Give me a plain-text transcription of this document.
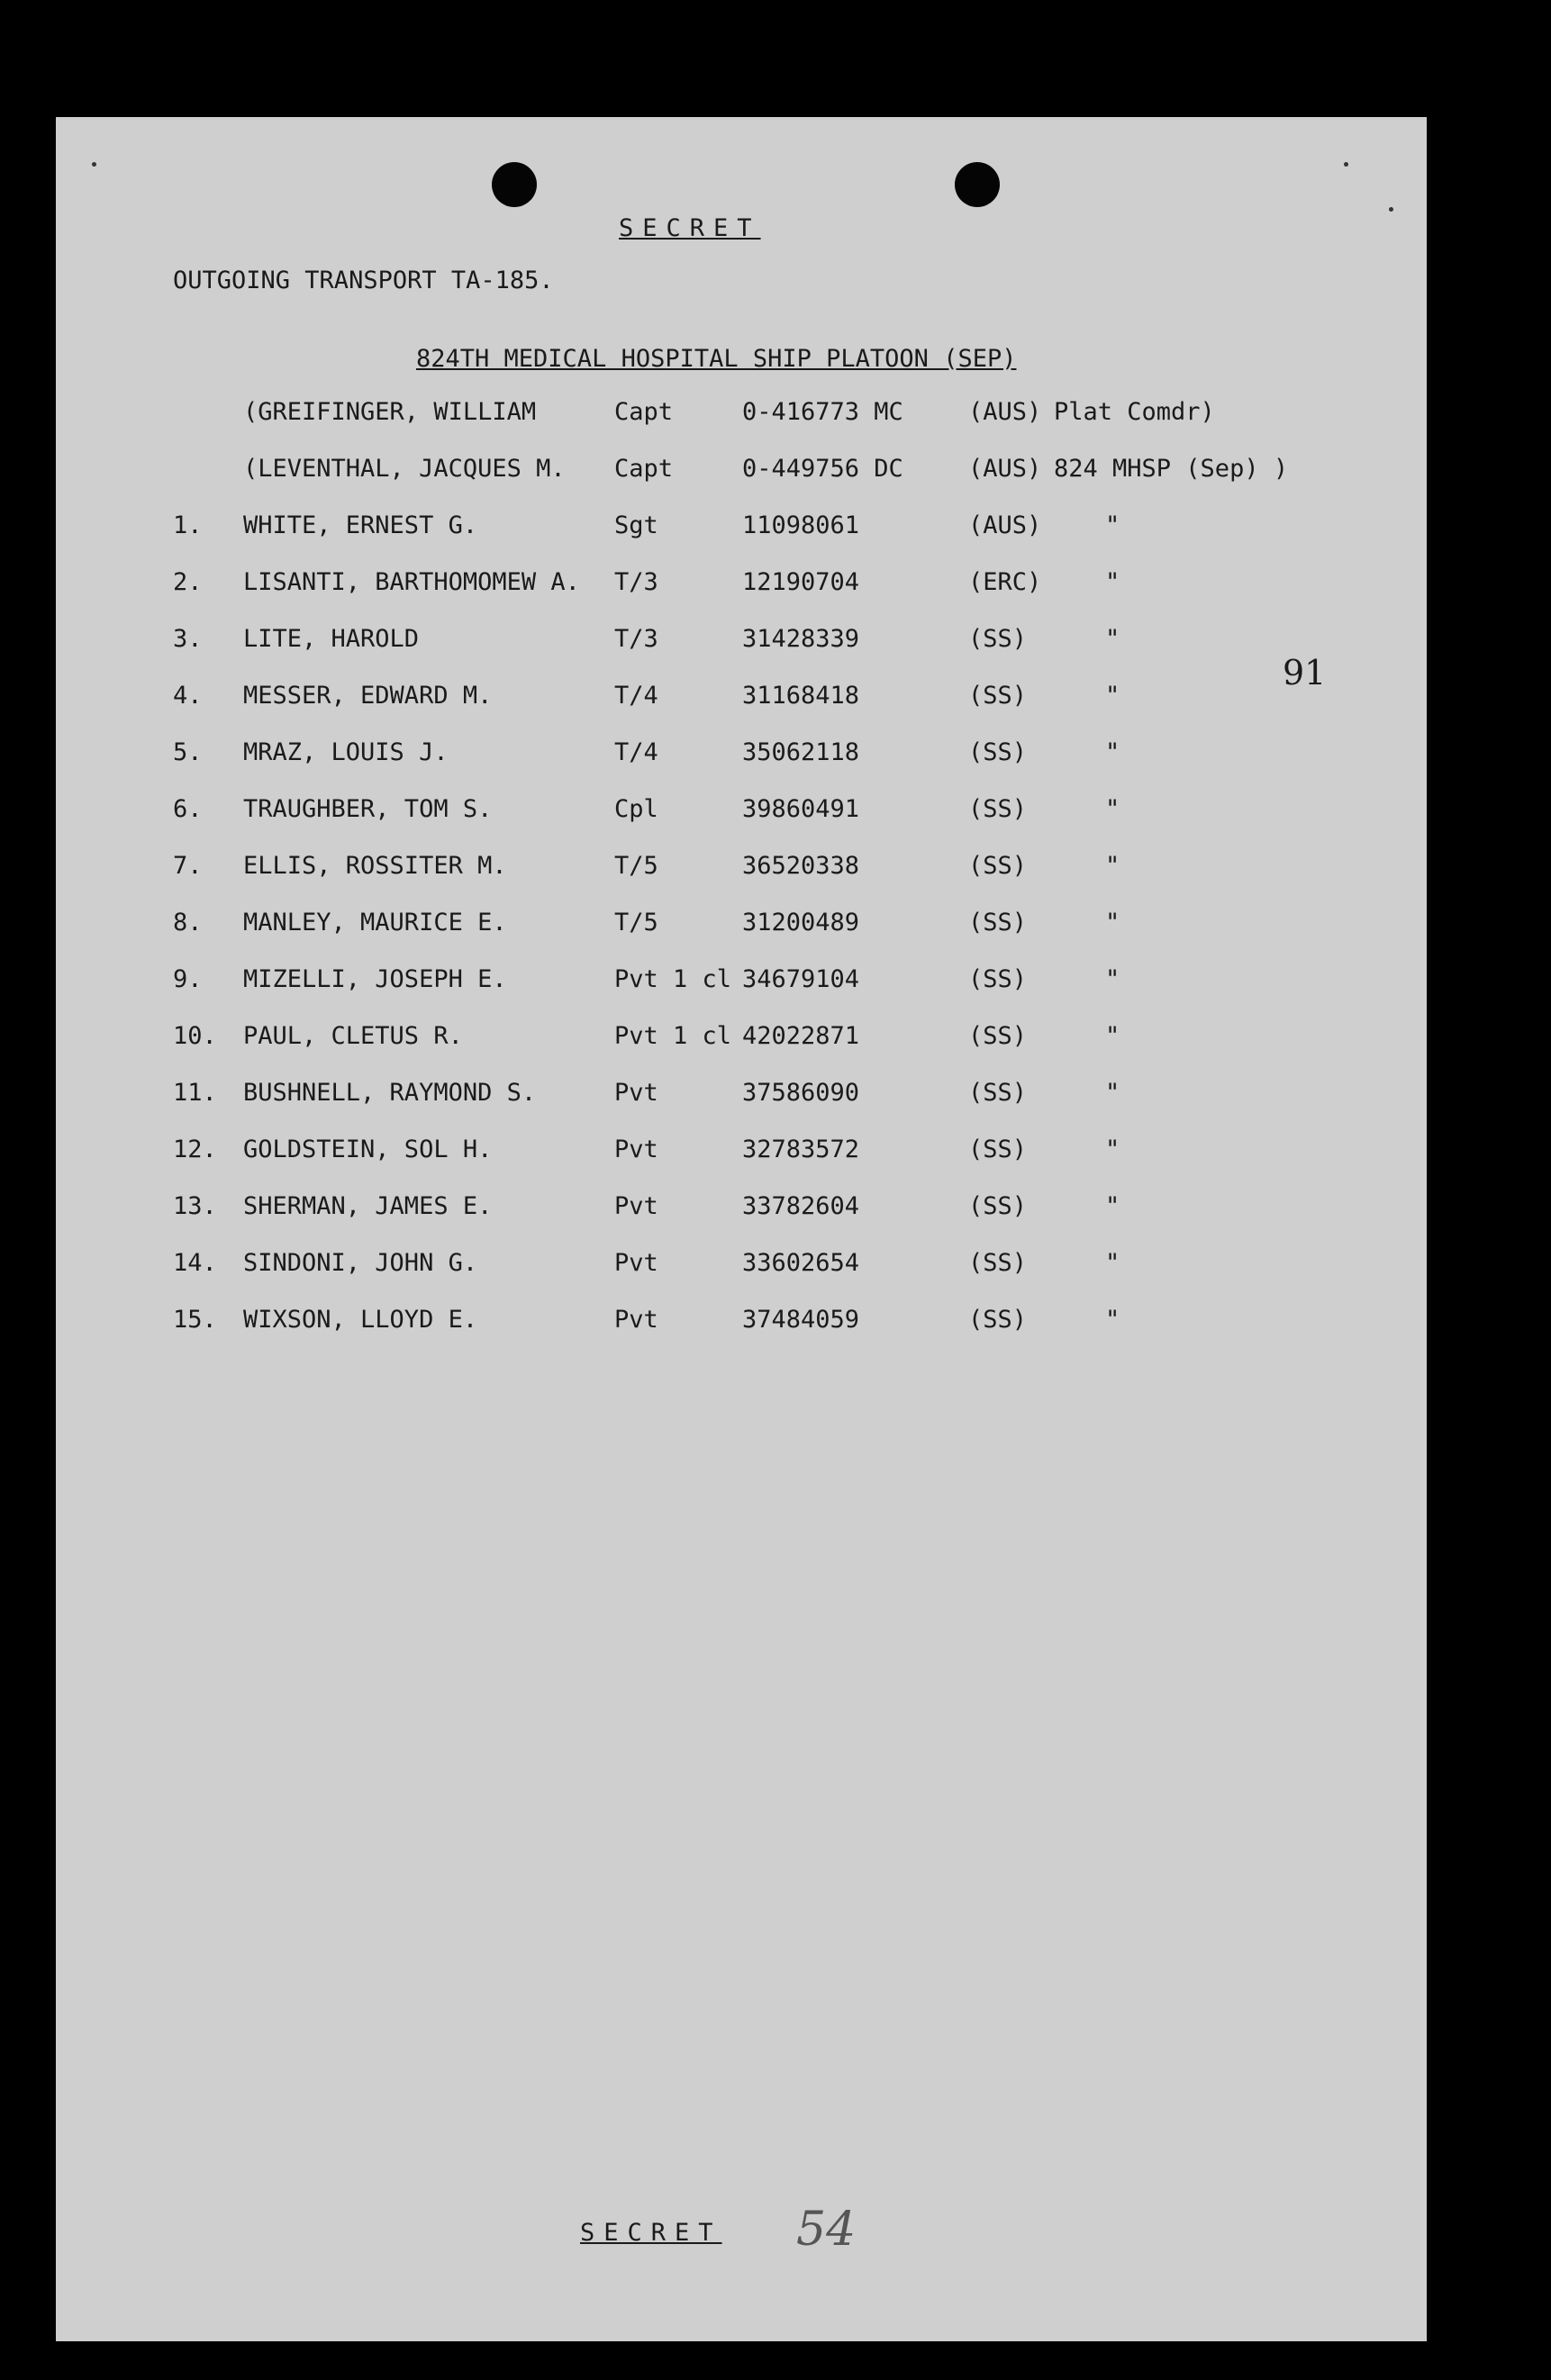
SECRET
OUTGOING TRANSPORT TA-185.
824TH MEDICAL HOSPITAL SHIP PLATOON (SEP)
(GREIFINGER, WILLIAM	Capt	0-416773 MC	(AUS) Plat Comdr)
(LEVENTHAL, JACQUES M. Capt	0-449756 DC	(AUS) 824 MHSP (Sep) )
1. WHITE, ERNEST G.	Sgt	11098061	(AUS)	"
2. LISANTI, BARTHOMOMEW A. T/3	12190704	(ERC)	"
3. LITE, HAROLD	T/3	31428339	(SS)	"
4. MESSER, EDWARD M.	T/4	31168418	(SS)	"
5. MRAZ, LOUIS J.	T/4	35062118	(SS)	"
6. TRAUGHBER, TOM S.	Cpl	39860491	(SS)	"
7. ELLIS, ROSSITER M.	T/5	36520338	(SS)	"
8. MANLEY, MAURICE E.	T/5	31200489	(SS)	"
9. MIZELLI, JOSEPH E.	Pvt 1 cl 34679104	(SS)	"
10. PAUL, CLETUS R.	Pvt 1 cl 42022871	(SS)	"
11. BUSHNELL, RAYMOND S.	Pvt	37586090	(SS)	"
12. GOLDSTEIN, SOL H.	Pvt	32783572	(SS)	"
13. SHERMAN, JAMES E.	Pvt	33782604	(SS)	"
14. SINDONI, JOHN G.	Pvt	33602654	(SS)	"
15. WIXSON, LLOYD E.	Pvt	37484059	(SS)	"
91
SECRET 54
